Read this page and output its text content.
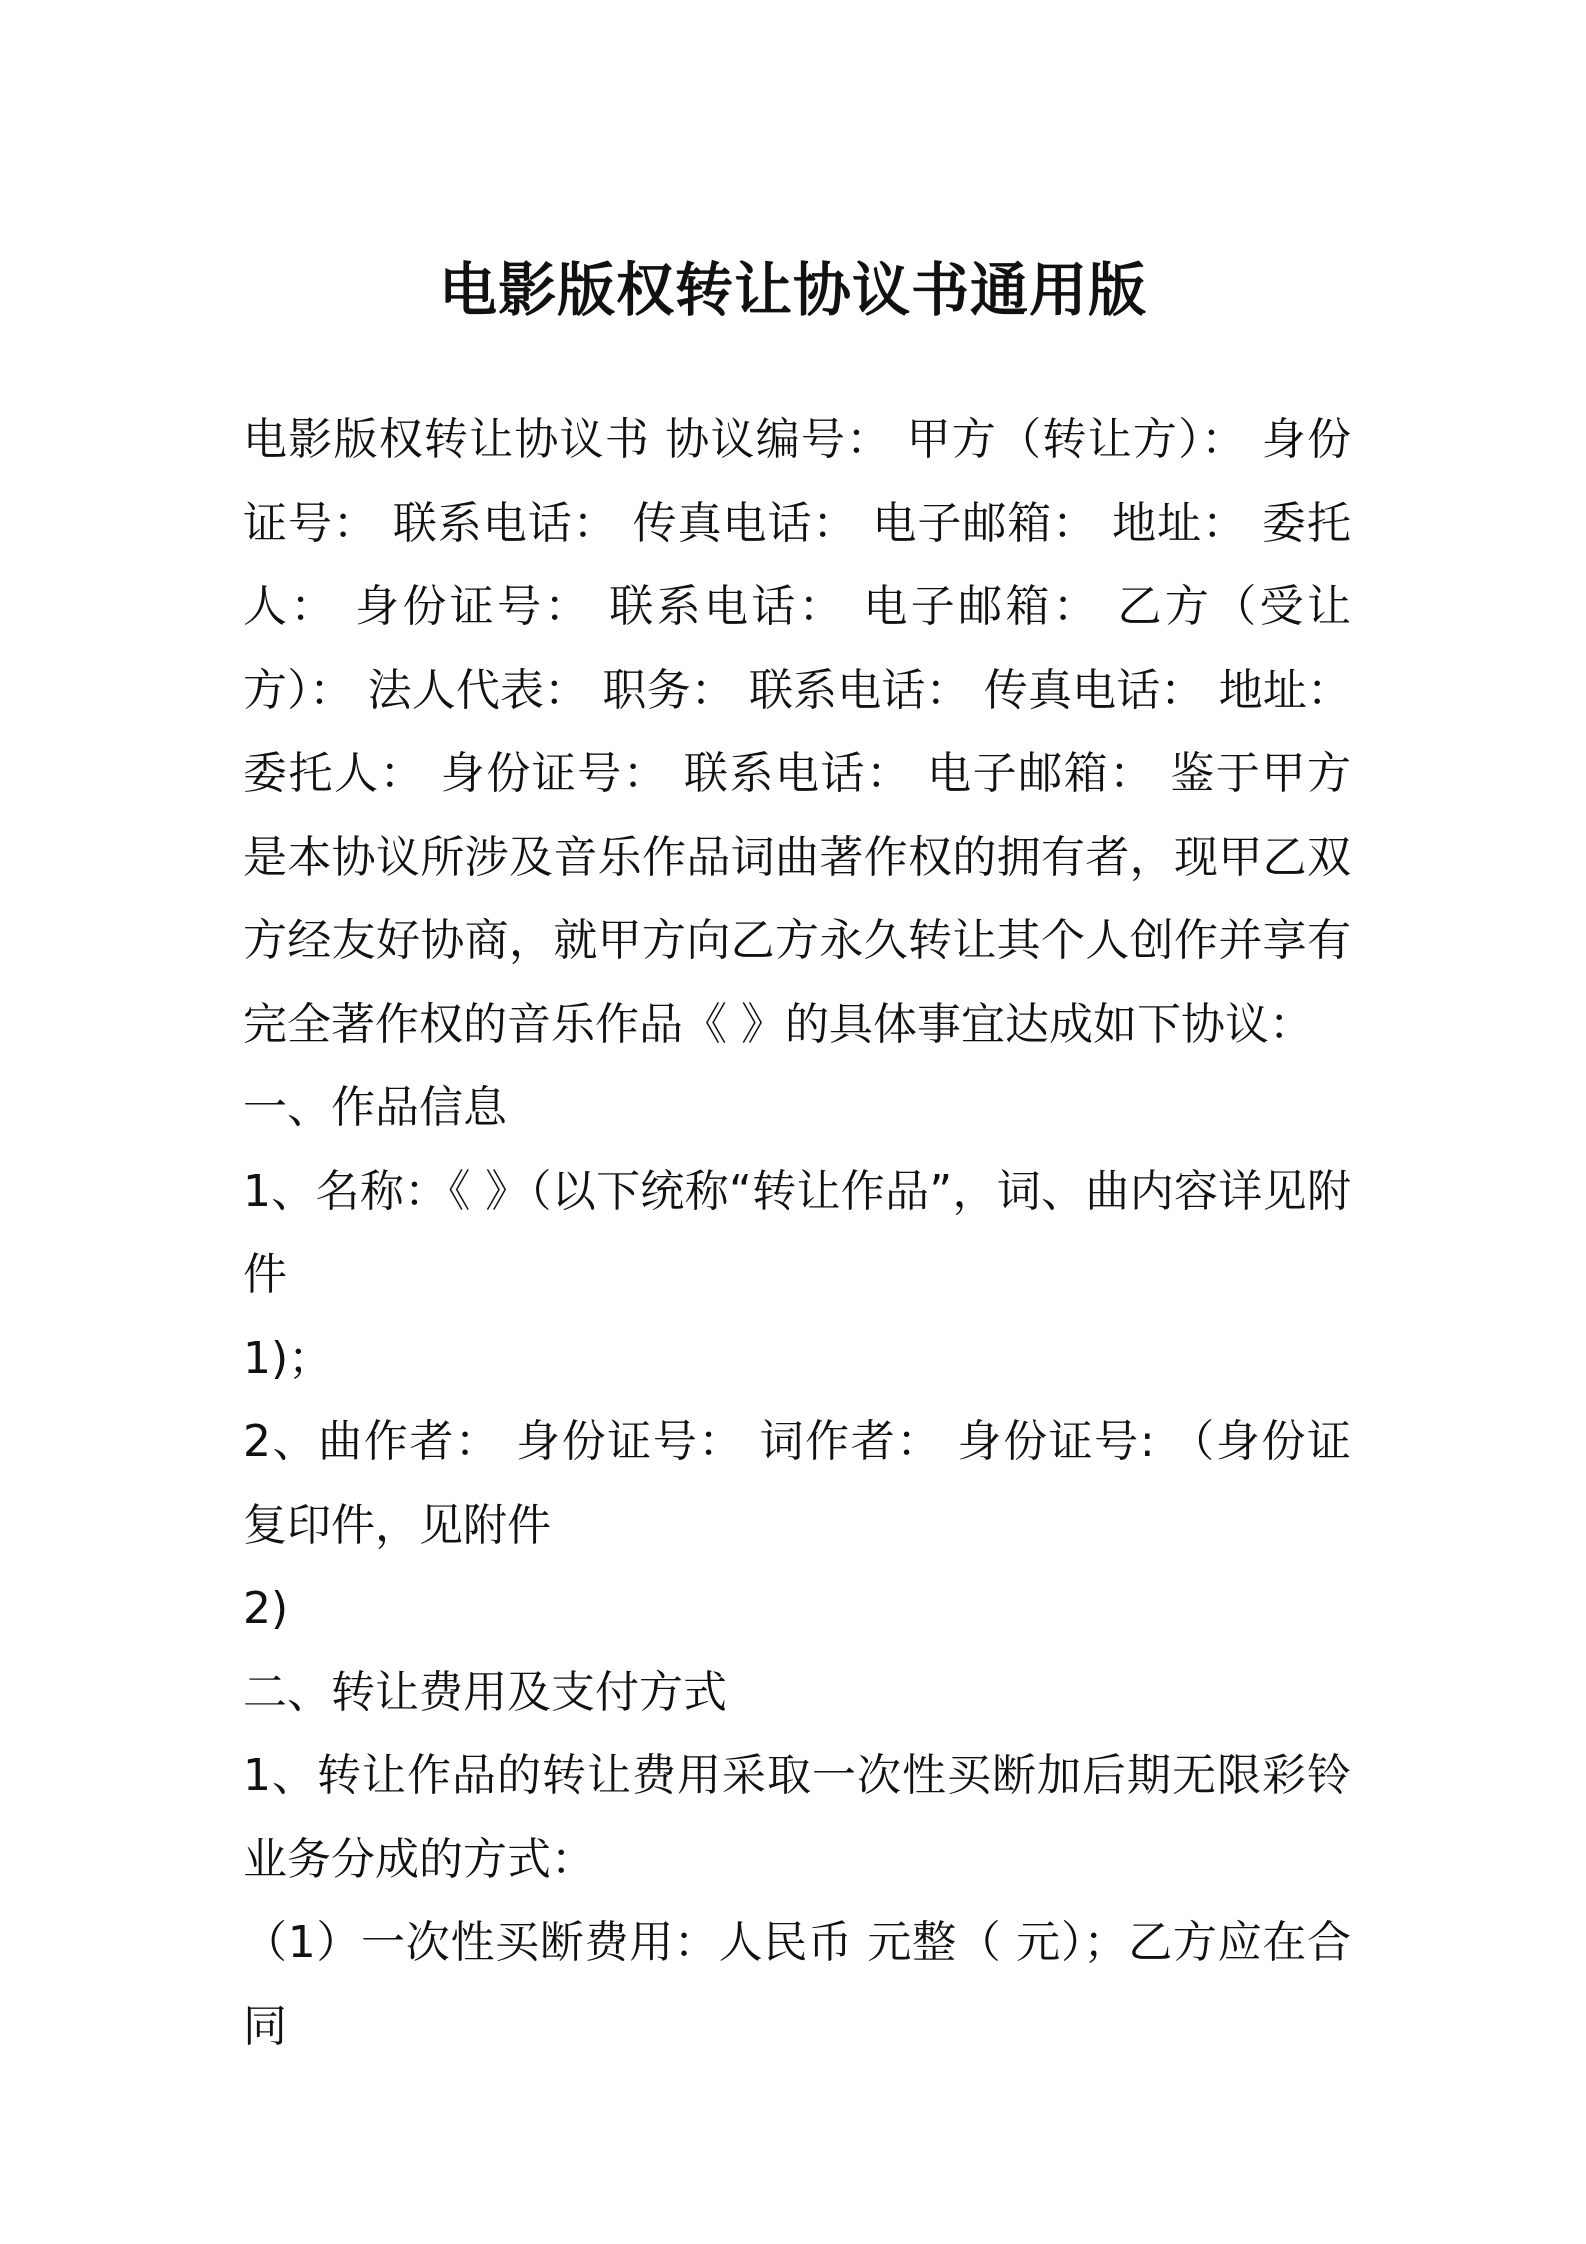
电影版权转让协议书通用版

电影版权转让协议书 协议编号： 甲方（转让方）： 身份证号： 联系电话： 传真电话： 电子邮箱： 地址： 委托人： 身份证号： 联系电话： 电子邮箱： 乙方（受让方）： 法人代表： 职务： 联系电话： 传真电话： 地址： 委托人： 身份证号： 联系电话： 电子邮箱： 鉴于甲方是本协议所涉及音乐作品词曲著作权的拥有者，现甲乙双方经友好协商，就甲方向乙方永久转让其个人创作并享有完全著作权的音乐作品《 》的具体事宜达成如下协议：

一、作品信息

1、名称：《 》（以下统称“转让作品”，词、曲内容详见附件

1)；

2、曲作者： 身份证号： 词作者： 身份证号: （身份证复印件，见附件

2)

二、转让费用及支付方式

1、转让作品的转让费用采取一次性买断加后期无限彩铃业务分成的方式：

（1）一次性买断费用：人民币 元整（ 元）；乙方应在合同
